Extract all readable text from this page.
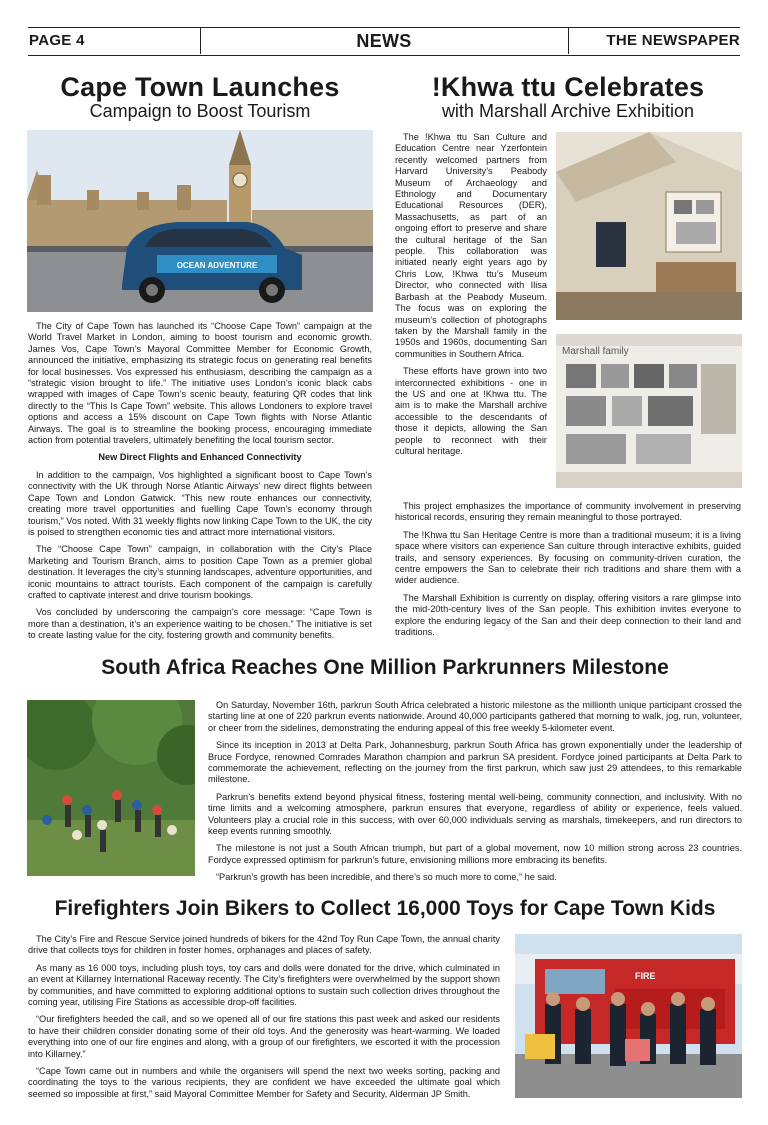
PAGE 4	NEWS	THE NEWSPAPER
Cape Town Launches
Campaign to Boost Tourism
OCEAN ADVENTURE

The City of Cape Town has launched its “Choose Cape Town” campaign at the World Travel Market in London, aiming to boost tourism and economic growth. James Vos, Cape Town’s Mayoral Committee Member for Economic Growth, announced the initiative, emphasizing its strategic focus on generating real benefits for local businesses. Vos expressed his enthusiasm, describing the campaign as a “strategic vision brought to life.” The initiative uses London’s iconic black cabs wrapped with images of Cape Town’s scenic beauty, featuring QR codes that link directly to the “This Is Cape Town” website. This allows Londoners to explore travel options and access a 15% discount on Cape Town flights with Norse Atlantic Airways. The goal is to streamline the booking process, encouraging immediate action from potential travelers, ultimately benefiting the local tourism sector.

New Direct Flights and Enhanced Connectivity

In addition to the campaign, Vos highlighted a significant boost to Cape Town’s connectivity with the UK through Norse Atlantic Airways’ new direct flights between Cape Town and London Gatwick. “This new route enhances our connectivity, creating more travel opportunities and fuelling Cape Town’s economy through tourism,” Vos noted. With 31 weekly flights now linking Cape Town to the UK, the city is poised to strengthen economic ties and attract more international visitors.

The “Choose Cape Town” campaign, in collaboration with the City’s Place Marketing and Tourism Branch, aims to position Cape Town as a premier global destination. It leverages the city’s stunning landscapes, adventure opportunities, and iconic mountains to attract tourists. Each component of the campaign is carefully crafted to captivate interest and drive tourism bookings.

Vos concluded by underscoring the campaign’s core message: “Cape Town is more than a destination, it’s an experience waiting to be chosen.” The initiative is set to create lasting value for the city, fostering growth and community benefits.

!Khwa ttu Celebrates
with Marshall Archive Exhibition
Marshall family

The !Khwa ttu San Culture and Education Centre near Yzerfontein recently welcomed partners from Harvard University’s Peabody Museum of Archaeology and Ethnology and Documentary Educational Resources (DER), Massachusetts, as part of an ongoing effort to preserve and share the cultural heritage of the San people. This collaboration was initiated nearly eight years ago by Chris Low, !Khwa ttu’s Museum Director, who connected with Ilisa Barbash at the Peabody Museum. The focus was on exploring the museum’s collection of photographs taken by the Marshall family in the 1950s and 1960s, documenting San communities in Southern Africa.

These efforts have grown into two interconnected exhibitions - one in the US and one at !Khwa ttu. The aim is to make the Marshall archive accessible to the descendants of those it depicts, allowing the San people to reconnect with their cultural heritage.

This project emphasizes the importance of community involvement in preserving historical records, ensuring they remain meaningful to those portrayed.

The !Khwa ttu San Heritage Centre is more than a traditional museum; it is a living space where visitors can experience San culture through interactive exhibits, guided trails, and sensory experiences. By focusing on community-driven curation, the centre empowers the San to celebrate their rich traditions and share them with a wider audience.

The Marshall Exhibition is currently on display, offering visitors a rare glimpse into the mid-20th-century lives of the San people. This exhibition invites everyone to explore the enduring legacy of the San and their deep connection to their land and traditions.

South Africa Reaches One Million Parkrunners Milestone

On Saturday, November 16th, parkrun South Africa celebrated a historic milestone as the millionth unique participant crossed the starting line at one of 220 parkrun events nationwide. Around 40,000 participants gathered that morning to walk, jog, run, volunteer, or cheer from the sidelines, demonstrating the enduring appeal of this free weekly 5-kilometer event.

Since its inception in 2013 at Delta Park, Johannesburg, parkrun South Africa has grown exponentially under the leadership of Bruce Fordyce, renowned Comrades Marathon champion and parkrun SA president. Fordyce joined participants at Delta Park to commemorate the achievement, reflecting on the journey from the first parkrun, which saw just 29 attendees, to this remarkable milestone.

Parkrun’s benefits extend beyond physical fitness, fostering mental well-being, community connection, and inclusivity. With no time limits and a welcoming atmosphere, parkrun ensures that everyone, regardless of ability or experience, feels valued. Volunteers play a crucial role in this success, with over 60,000 individuals serving as marshals, timekeepers, and run directors to keep events running smoothly.

The milestone is not just a South African triumph, but part of a global movement, now 10 million strong across 23 countries. Fordyce expressed optimism for parkrun’s future, envisioning millions more embracing its benefits.

“Parkrun’s growth has been incredible, and there’s so much more to come,” he said.

Firefighters Join Bikers to Collect 16,000 Toys for Cape Town Kids

The City’s Fire and Rescue Service joined hundreds of bikers for the 42nd Toy Run Cape Town, the annual charity drive that collects toys for children in foster homes, orphanages and places of safety.

As many as 16 000 toys, including plush toys, toy cars and dolls were donated for the drive, which culminated in an event at Killarney International Raceway recently. The City’s firefighters were overwhelmed by the support shown by communities, and have committed to exploring additional options to sustain such collection drives throughout the coming year, utilising Fire Stations as accessible drop-off facilities.

“Our firefighters heeded the call, and so we opened all of our fire stations this past week and asked our residents to have their children consider donating some of their old toys. And the generosity was heart-warming. We loaded everything into one of our fire engines and along, with a group of our firefighters, we escorted it with the procession into Killarney.”

“Cape Town came out in numbers and while the organisers will spend the next two weeks sorting, packing and coordinating the toys to the various recipients, they are confident we have exceeded the ultimate goal which seemed so impossible at first,” said Mayoral Committee Member for Safety and Security, Alderman JP Smith.

FIRE
